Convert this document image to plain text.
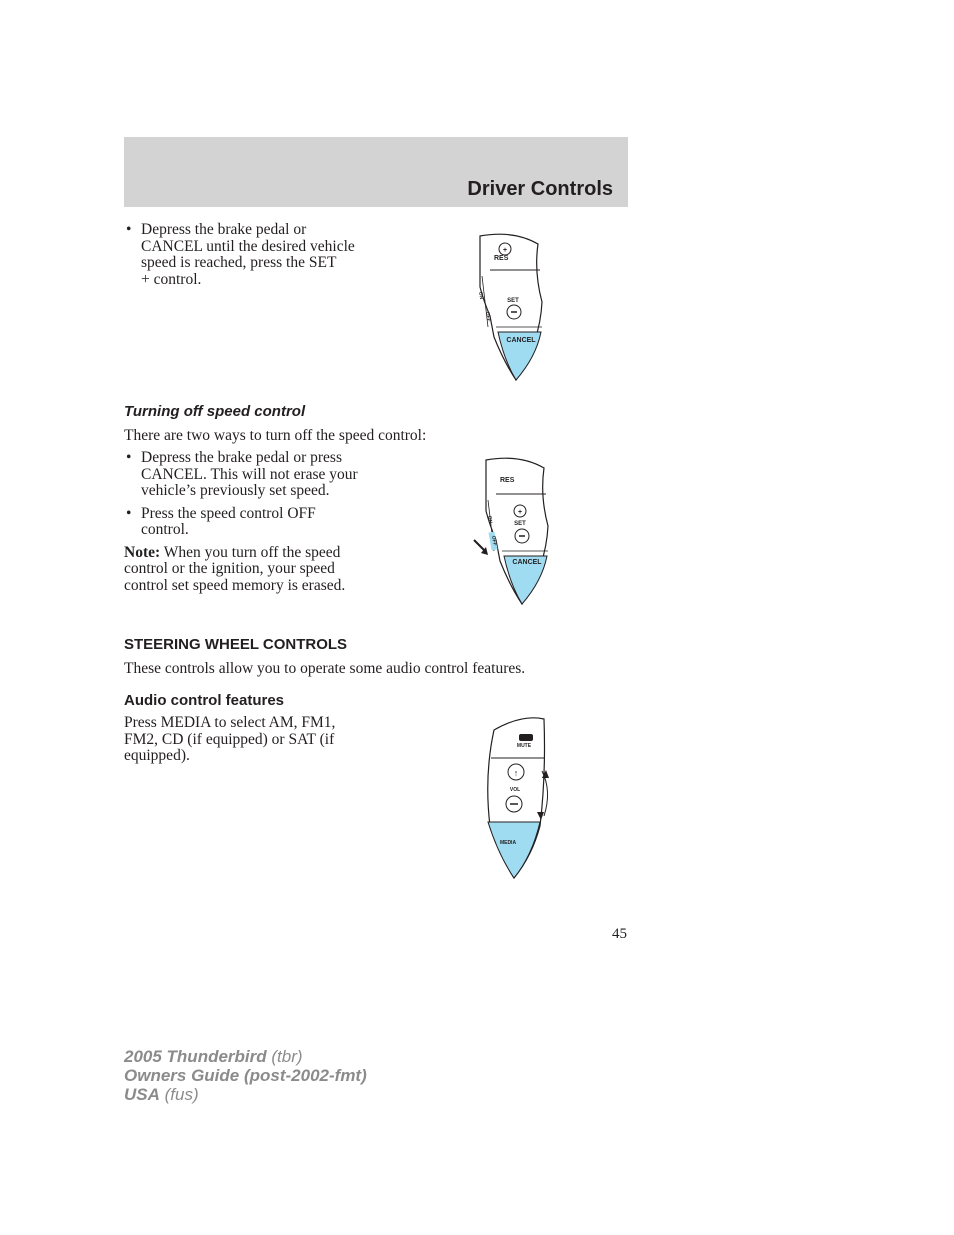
Driver Controls
• Depress the brake pedal or
CANCEL until the desired vehicle
speed is reached, press the SET
+ control.
RES
+
SET
ON
OFF
CANCEL
Turning off speed control
There are two ways to turn off the speed control:
• Depress the brake pedal or press
CANCEL. This will not erase your
vehicle’s previously set speed.
• Press the speed control OFF
control.
Note: When you turn off the speed
control or the ignition, your speed
control set speed memory is erased.
RES
SET
+
ON
OFF
CANCEL
STEERING WHEEL CONTROLS
These controls allow you to operate some audio control features.
Audio control features
Press MEDIA to select AM, FM1,
FM2, CD (if equipped) or SAT (if
equipped).
MUTE
↑
VOL
MEDIA
45
2005 Thunderbird (tbr)
Owners Guide (post-2002-fmt)
USA (fus)
